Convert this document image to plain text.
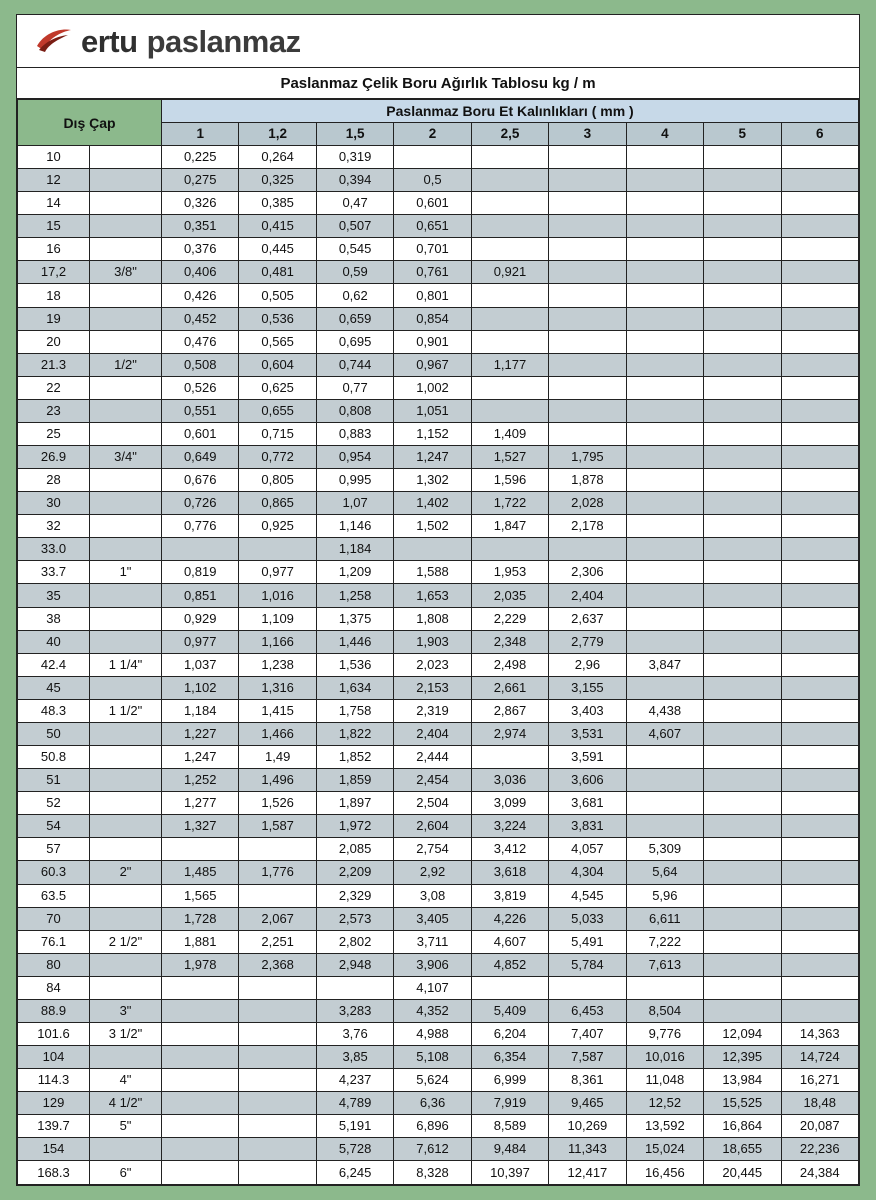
ertu paslanmaz
Paslanmaz Çelik Boru Ağırlık Tablosu kg / m
Dış Çap		Paslanmaz Boru Et Kalınlıkları ( mm )								
		1	1,2	1,5	2	2,5	3	4	5	6
10		0,225	0,264	0,319						
12		0,275	0,325	0,394	0,5					
14		0,326	0,385	0,47	0,601					
15		0,351	0,415	0,507	0,651					
16		0,376	0,445	0,545	0,701					
17,2	3/8"	0,406	0,481	0,59	0,761	0,921				
18		0,426	0,505	0,62	0,801					
19		0,452	0,536	0,659	0,854					
20		0,476	0,565	0,695	0,901					
21.3	1/2"	0,508	0,604	0,744	0,967	1,177				
22		0,526	0,625	0,77	1,002					
23		0,551	0,655	0,808	1,051					
25		0,601	0,715	0,883	1,152	1,409				
26.9	3/4"	0,649	0,772	0,954	1,247	1,527	1,795			
28		0,676	0,805	0,995	1,302	1,596	1,878			
30		0,726	0,865	1,07	1,402	1,722	2,028			
32		0,776	0,925	1,146	1,502	1,847	2,178			
33.0				1,184						
33.7	1"	0,819	0,977	1,209	1,588	1,953	2,306			
35		0,851	1,016	1,258	1,653	2,035	2,404			
38		0,929	1,109	1,375	1,808	2,229	2,637			
40		0,977	1,166	1,446	1,903	2,348	2,779			
42.4	1 1/4"	1,037	1,238	1,536	2,023	2,498	2,96	3,847		
45		1,102	1,316	1,634	2,153	2,661	3,155			
48.3	1 1/2"	1,184	1,415	1,758	2,319	2,867	3,403	4,438		
50		1,227	1,466	1,822	2,404	2,974	3,531	4,607		
50.8		1,247	1,49	1,852	2,444		3,591			
51		1,252	1,496	1,859	2,454	3,036	3,606			
52		1,277	1,526	1,897	2,504	3,099	3,681			
54		1,327	1,587	1,972	2,604	3,224	3,831			
57				2,085	2,754	3,412	4,057	5,309		
60.3	2"	1,485	1,776	2,209	2,92	3,618	4,304	5,64		
63.5		1,565		2,329	3,08	3,819	4,545	5,96		
70		1,728	2,067	2,573	3,405	4,226	5,033	6,611		
76.1	2 1/2"	1,881	2,251	2,802	3,711	4,607	5,491	7,222		
80		1,978	2,368	2,948	3,906	4,852	5,784	7,613		
84					4,107					
88.9	3"			3,283	4,352	5,409	6,453	8,504		
101.6	3 1/2"			3,76	4,988	6,204	7,407	9,776	12,094	14,363
104				3,85	5,108	6,354	7,587	10,016	12,395	14,724
114.3	4"			4,237	5,624	6,999	8,361	11,048	13,984	16,271
129	4 1/2"			4,789	6,36	7,919	9,465	12,52	15,525	18,48
139.7	5"			5,191	6,896	8,589	10,269	13,592	16,864	20,087
154				5,728	7,612	9,484	11,343	15,024	18,655	22,236
168.3	6"			6,245	8,328	10,397	12,417	16,456	20,445	24,384
